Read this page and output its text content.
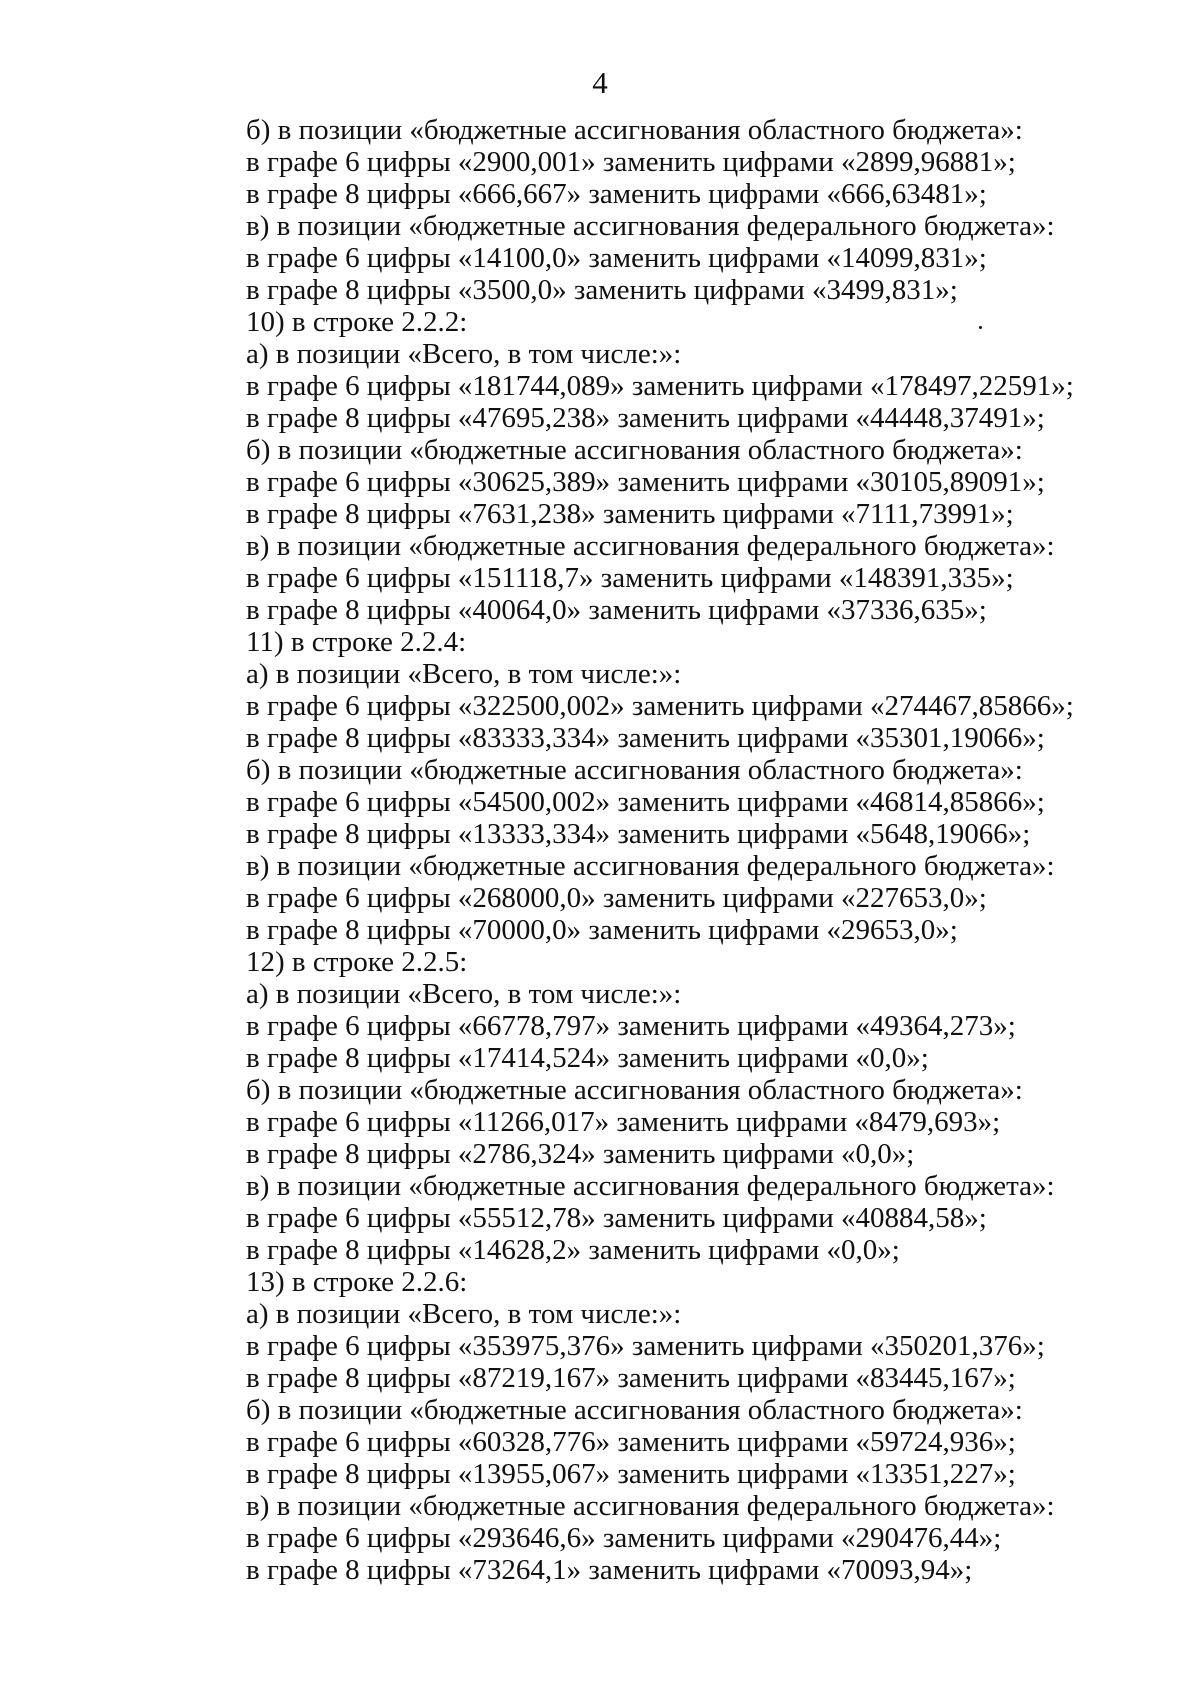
4
б) в позиции «бюджетные ассигнования областного бюджета»:
в графе 6 цифры «2900,001» заменить цифрами «2899,96881»;
в графе 8 цифры «666,667» заменить цифрами «666,63481»;
в) в позиции «бюджетные ассигнования федерального бюджета»:
в графе 6 цифры «14100,0» заменить цифрами «14099,831»;
в графе 8 цифры «3500,0» заменить цифрами «3499,831»;
10) в строке 2.2.2:
а) в позиции «Всего, в том числе:»:
в графе 6 цифры «181744,089» заменить цифрами «178497,22591»;
в графе 8 цифры «47695,238» заменить цифрами «44448,37491»;
б) в позиции «бюджетные ассигнования областного бюджета»:
в графе 6 цифры «30625,389» заменить цифрами «30105,89091»;
в графе 8 цифры «7631,238» заменить цифрами «7111,73991»;
в) в позиции «бюджетные ассигнования федерального бюджета»:
в графе 6 цифры «151118,7» заменить цифрами «148391,335»;
в графе 8 цифры «40064,0» заменить цифрами «37336,635»;
11) в строке 2.2.4:
а) в позиции «Всего, в том числе:»:
в графе 6 цифры «322500,002» заменить цифрами «274467,85866»;
в графе 8 цифры «83333,334» заменить цифрами «35301,19066»;
б) в позиции «бюджетные ассигнования областного бюджета»:
в графе 6 цифры «54500,002» заменить цифрами «46814,85866»;
в графе 8 цифры «13333,334» заменить цифрами «5648,19066»;
в) в позиции «бюджетные ассигнования федерального бюджета»:
в графе 6 цифры «268000,0» заменить цифрами «227653,0»;
в графе 8 цифры «70000,0» заменить цифрами «29653,0»;
12) в строке 2.2.5:
а) в позиции «Всего, в том числе:»:
в графе 6 цифры «66778,797» заменить цифрами «49364,273»;
в графе 8 цифры «17414,524» заменить цифрами «0,0»;
б) в позиции «бюджетные ассигнования областного бюджета»:
в графе 6 цифры «11266,017» заменить цифрами «8479,693»;
в графе 8 цифры «2786,324» заменить цифрами «0,0»;
в) в позиции «бюджетные ассигнования федерального бюджета»:
в графе 6 цифры «55512,78» заменить цифрами «40884,58»;
в графе 8 цифры «14628,2» заменить цифрами «0,0»;
13) в строке 2.2.6:
а) в позиции «Всего, в том числе:»:
в графе 6 цифры «353975,376» заменить цифрами «350201,376»;
в графе 8 цифры «87219,167» заменить цифрами «83445,167»;
б) в позиции «бюджетные ассигнования областного бюджета»:
в графе 6 цифры «60328,776» заменить цифрами «59724,936»;
в графе 8 цифры «13955,067» заменить цифрами «13351,227»;
в) в позиции «бюджетные ассигнования федерального бюджета»:
в графе 6 цифры «293646,6» заменить цифрами «290476,44»;
в графе 8 цифры «73264,1» заменить цифрами «70093,94»;
